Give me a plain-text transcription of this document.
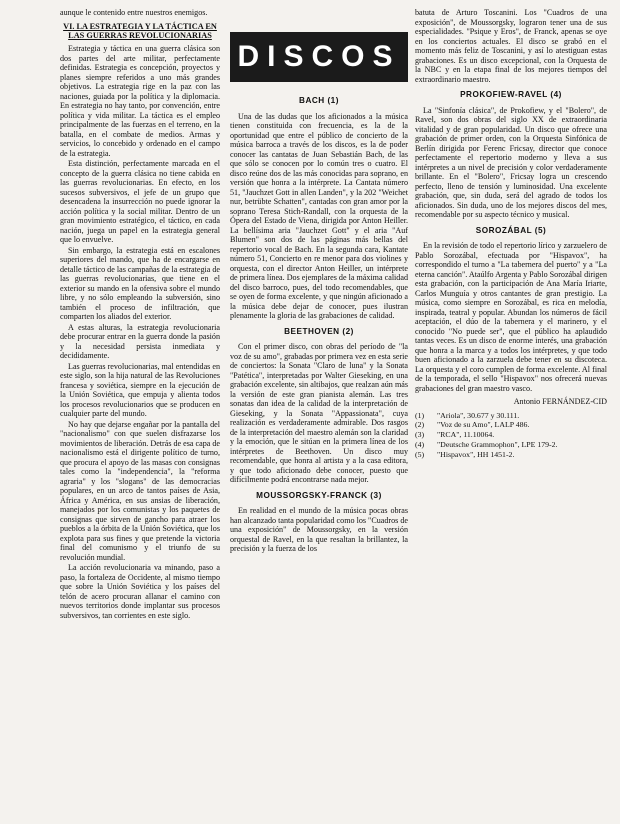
aunque le contenido entre nuestros enemigos.

VI. LA ESTRATEGIA Y LA TÁCTICA EN LAS GUERRAS REVOLUCIONARIAS

Estrategia y táctica en una guerra clásica son dos partes del arte militar, perfectamente definidas. Estrategia es concepción, proyectos y planes siempre referidos a uno más grandes objetivos. La estrategia rige en la paz con las naciones, guiada por la política y la diplomacia. En estrategia no hay tanto, por convención, entre política y vida militar. La táctica es el empleo principalmente de las fuerzas en el terreno, en la batalla, en el combate de medios. Armas y servicios, lo concebido y ordenado en el campo de la estrategia.

Esta distinción, perfectamente marcada en el concepto de la guerra clásica no tiene cabida en las guerras revolucionarias. En efecto, en los sucesos subversivos, el jefe de un grupo que desencadena la insurrección no puede ignorar la acción política y la social militar. Dentro de un gran movimiento estratégico, el táctico, en cada nación, juega un papel en la estrategia general que lo envuelve.

Sin embargo, la estrategia está en escalones superiores del mando, que ha de encargarse en detalle táctico de las campañas de la estrategia de las guerras revolucionarias, que tiene en el exterior su mando en la ofensiva sobre el mundo libre, y no sólo empleando la subversión, sino también el proceso de infiltración, que comparten los aliados del exterior.

A estas alturas, la estrategia revolucionaria debe procurar entrar en la guerra donde la pasión y la necesidad persista inmediata y decididamente.

Las guerras revolucionarias, mal entendidas en este siglo, son la hija natural de las Revoluciones francesa y soviética, siempre en la ejecución de la Unión Soviética, que empuja y alienta todos los procesos revolucionarios que se producen en cualquier parte del mundo.

No hay que dejarse engañar por la pantalla del "nacionalismo" con que suelen disfrazarse los movimientos de liberación. Detrás de esa capa de nacionalismo está el dirigente político de turno, que procura el apoyo de las masas con consignas tales como la "independencia", la "reforma agraria" y los "slogans" de las democracias populares, en un arco de tantos países de Asia, África y América, en sus ansias de liberación, manejados por los comunistas y los paquetes de consignas que sirven de gancho para atraer los pueblos a la órbita de la Unión Soviética, que los explota para sus fines y que pretende la victoria final del comunismo y el triunfo de su revolución mundial.

La acción revolucionaria va minando, paso a paso, la fortaleza de Occidente, al mismo tiempo que sobre la Unión Soviética y los países del telón de acero procuran allanar el camino con nuevos territorios donde implantar sus procesos subversivos, tan corrientes en este siglo.

DISCOS
BACH (1)

Una de las dudas que los aficionados a la música tienen constituida con frecuencia, es la de la oportunidad que entre el público de concierto de la música barroca a través de los discos, es la de poder conocer las cantatas de Juan Sebastián Bach, de las que sólo se conocen por lo común tres o cuatro. El disco reúne dos de las más conocidas para soprano, en versión que honra a la intérprete. La Cantata número 51, "Jauchzet Gott in allen Landen", y la 202 "Weichet nur, betrübte Schatten", cantadas con gran amor por la soprano Teresa Stich-Randall, con la orquesta de la Ópera del Estado de Viena, dirigida por Anton Heiller. La bellísima aria "Jauchzet Gott" y el aria "Auf Blumen" son dos de las páginas más bellas del repertorio vocal de Bach. En la segunda cara, Kantate número 51, Concierto en re menor para dos violines y orquesta, con el director Anton Heiller, un intérprete de primera línea. Dos ejemplares de la máxima calidad del disco barroco, pues, del todo recomendables, que se oyen de forma excelente, y que ningún aficionado a la música debe dejar de conocer, pues ilustran plenamente la gloria de las grabaciones de calidad.

BEETHOVEN (2)

Con el primer disco, con obras del período de "la voz de su amo", grabadas por primera vez en esta serie de conciertos: la Sonata "Claro de luna" y la Sonata "Patética", interpretadas por Walter Gieseking, en una grabación excelente, sin altibajos, que realzan aún más la versión de este gran pianista alemán. Las tres sonatas dan idea de la calidad de la interpretación de Gieseking, y la Sonata "Appassionata", cuya realización es verdaderamente admirable. Dos rasgos de la interpretación del maestro alemán son la claridad y la emoción, que le sitúan en la primera línea de los intérpretes de Beethoven. Un disco muy recomendable, que honra al artista y a la casa editora, y que todo aficionado debe conocer, puesto que difícilmente podrá encontrarse nada mejor.

MOUSSORGSKY-FRANCK (3)

En realidad en el mundo de la música pocas obras han alcanzado tanta popularidad como los "Cuadros de una exposición" de Moussorgsky, en la versión orquestal de Ravel, en la que resaltan la brillantez, la precisión y la fuerza de los

batuta de Arturo Toscanini. Los "Cuadros de una exposición", de Moussorgsky, lograron tener una de sus especialidades. "Psique y Eros", de Franck, apenas se oye en los conciertos actuales. El disco se grabó en el momento más feliz de Toscanini, y así lo atestiguan estas grabaciones. Es un disco excepcional, con la Orquesta de la NBC y en la etapa final de los mejores tiempos del extraordinario maestro.

PROKOFIEW-RAVEL (4)

La "Sinfonía clásica", de Prokofiew, y el "Bolero", de Ravel, son dos obras del siglo XX de extraordinaria vitalidad y de gran popularidad. Un disco que ofrece una grabación de primer orden, con la Orquesta Sinfónica de Berlín dirigida por Ferenc Fricsay, director que conoce perfectamente el repertorio moderno y lleva a sus intérpretes a un nivel de precisión y color verdaderamente brillante. En el "Bolero", Fricsay logra un crescendo perfecto, lleno de tensión y luminosidad. Una excelente grabación, que, sin duda, será del agrado de todos los aficionados. Sin duda, uno de los mejores discos del mes, recomendable por su aspecto técnico y musical.

SOROZÁBAL (5)

En la revisión de todo el repertorio lírico y zarzuelero de Pablo Sorozábal, efectuada por "Hispavox", ha correspondido el turno a "La tabernera del puerto" y a "La eterna canción". Ataúlfo Argenta y Pablo Sorozábal dirigen esta grabación, con la participación de Ana María Iriarte, Carlos Munguía y otros cantantes de gran prestigio. La música, como siempre en Sorozábal, es rica en melodía, inspirada, teatral y popular. Abundan los números de fácil aceptación, el dúo de la tabernera y el marinero, y el conocido "No puede ser", que el público ha aplaudido tantas veces. Es un disco de enorme interés, una grabación que honra a la marca y a todos los intérpretes, y que todo buen aficionado a la zarzuela debe tener en su discoteca. La orquesta y el coro cumplen de forma excelente. Al final de la temporada, el sello "Hispavox" nos ofrecerá nuevas grabaciones del gran maestro vasco.

Antonio FERNÁNDEZ-CID
(1)	"Ariola", 30.677 y 30.111.
(2)	"Voz de su Amo", LALP 486.
(3)	"RCA", 11.10064.
(4)	"Deutsche Grammophon", LPE 179-2.
(5)	"Hispavox", HH 1451-2.
